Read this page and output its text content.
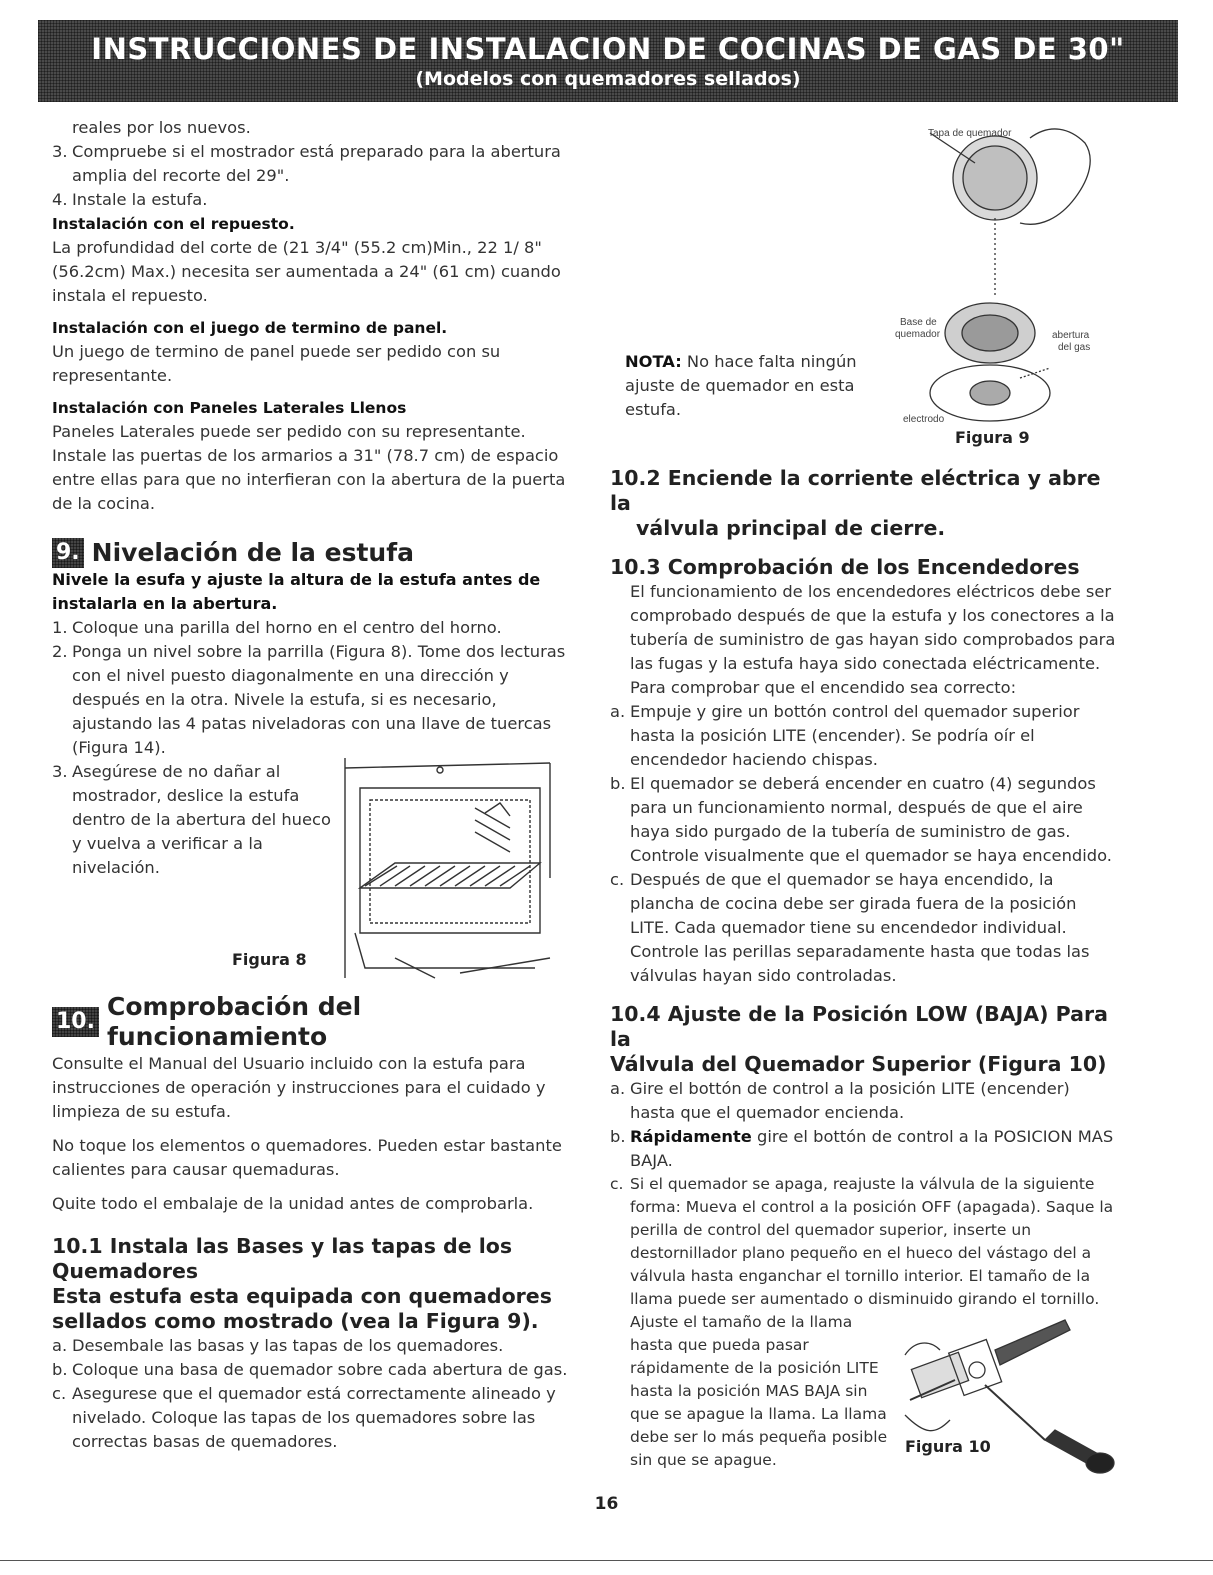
INSTRUCCIONES DE INSTALACION DE COCINAS DE GAS DE 30"
(Modelos con quemadores sellados)

reales por los nuevos.

3. Compruebe si el mostrador está preparado para la abertura amplia del recorte del 29".
4. Instale la estufa.

Instalación con el repuesto.

La profundidad del corte de (21 3/4" (55.2 cm)Min., 22 1/ 8" (56.2cm) Max.) necesita ser aumentada a 24" (61 cm) cuando instala el repuesto.

Instalación con el juego de termino de panel.

Un juego de termino de panel puede ser pedido con su representante.

Instalación con Paneles Laterales Llenos

Paneles Laterales puede ser pedido con su representante. Instale las puertas de los armarios a 31" (78.7 cm) de espacio entre ellas para que no interfieran con la abertura de la puerta de la cocina.

9. Nivelación de la estufa

Nivele la esufa y ajuste la altura de la estufa antes de instalarla en la abertura.

1. Coloque una parilla del horno en el centro del horno.
2. Ponga un nivel sobre la parrilla (Figura 8). Tome dos lecturas con el nivel puesto diagonalmente en una dirección y después en la otra. Nivele la estufa, si es necesario, ajustando las 4 patas niveladoras con una llave de tuercas (Figura 14).
3. Asegúrese de no dañar al mostrador, deslice la estufa dentro de la abertura del hueco y vuelva a verificar a la nivelación.
Figura 8
10.
Comprobación del funcionamiento

Consulte el Manual del Usuario incluido con la estufa para instrucciones de operación y instrucciones para el cuidado y limpieza de su estufa.

No toque los elementos o quemadores. Pueden estar bastante calientes para causar quemaduras.

Quite todo el embalaje de la unidad antes de comprobarla.

10.1 Instala las Bases y las tapas de los Quemadores

Esta estufa esta equipada con quemadores sellados como mostrado (vea la Figura 9).

a. Desembale las basas y las tapas de los quemadores.
b. Coloque una basa de quemador sobre cada abertura de gas.
c. Asegurese que el quemador está correctamente alineado y nivelado. Coloque las tapas de los quemadores sobre las correctas basas de quemadores.
Tapa de quemador
Base de
quemador	abertura
del gas
electrodo
Figura 9
NOTA: No hace falta ningún ajuste de quemador en esta estufa.
10.2 Enciende la corriente eléctrica y abre la
válvula principal de cierre.

10.3 Comprobación de los Encendedores

El funcionamiento de los encendedores eléctricos debe ser comprobado después de que la estufa y los conectores a la tubería de suministro de gas hayan sido comprobados para las fugas y la estufa haya sido conectada eléctricamente. Para comprobar que el encendido sea correcto:

a. Empuje y gire un bottón control del quemador superior hasta la posición LITE (encender). Se podría oír el encendedor haciendo chispas.
b. El quemador se deberá encender en cuatro (4) segundos para un funcionamiento normal, después de que el aire haya sido purgado de la tubería de suministro de gas. Controle visualmente que el quemador se haya encendido.
c. Después de que el quemador se haya encendido, la plancha de cocina debe ser girada fuera de la posición LITE. Cada quemador tiene su encendedor individual. Controle las perillas separadamente hasta que todas las válvulas hayan sido controladas.
10.4 Ajuste de la Posición LOW (BAJA) Para la
Válvula del Quemador Superior (Figura 10)
a. Gire el bottón de control a la posición LITE (encender) hasta que el quemador encienda.
b. Rápidamente gire el bottón de control a la POSICION MAS BAJA.
c. Si el quemador se apaga, reajuste la válvula de la siguiente forma: Mueva el control a la posición OFF (apagada). Saque la perilla de control del quemador superior, inserte un destornillador plano pequeño en el hueco del vástago del a válvula hasta enganchar el tornillo interior. El tamaño de la llama puede ser aumentado o disminuido girando el tornillo.

Ajuste el tamaño de la llama hasta que pueda pasar rápidamente de la posición LITE hasta la posición MAS BAJA sin que se apague la llama. La llama debe ser lo más pequeña posible sin que se apague.

Figura 10
16
